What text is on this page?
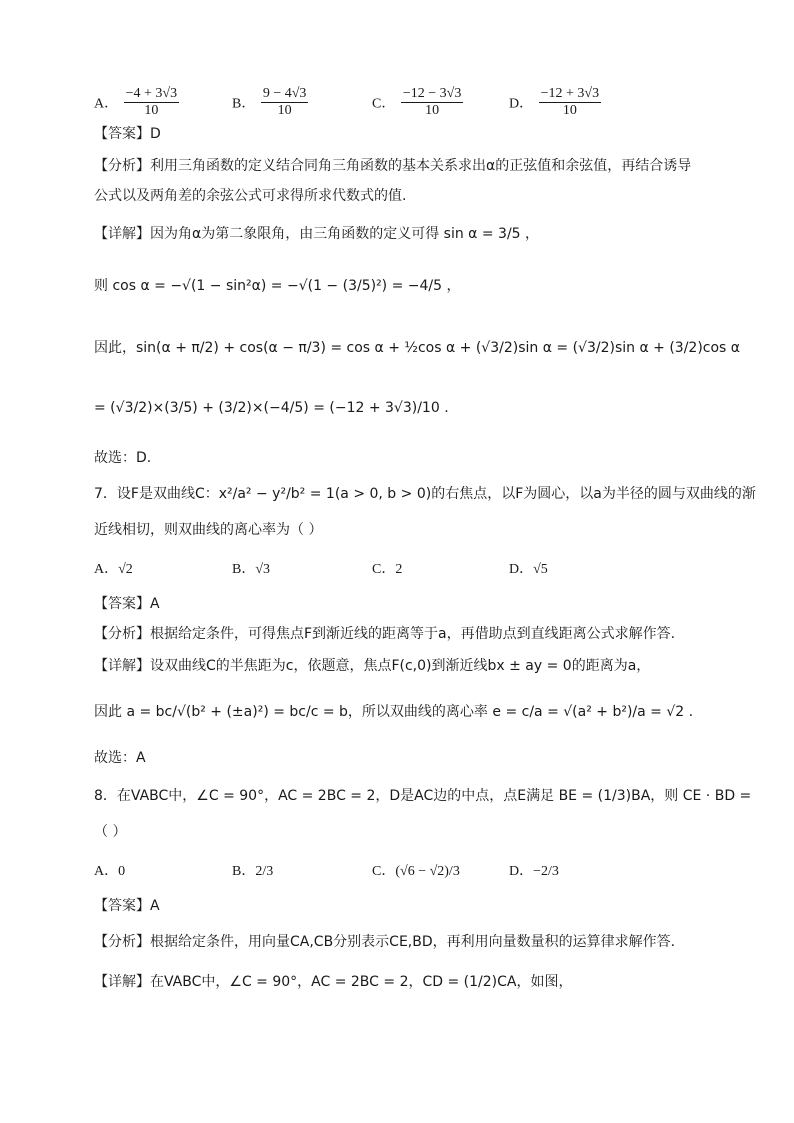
A． $\frac{-4 + 3√3}{10}$	B． $\frac{9 - 4√3}{10}$	C． $\frac{-12 - 3√3}{10}$	D． $\frac{-12 + 3√3}{10}$
【答案】D
【分析】利用三角函数的定义结合同角三角函数的基本关系求出α的正弦值和余弦值，再结合诱导
公式以及两角差的余弦公式可求得所求代数式的值.
【详解】因为角α为第二象限角，由三角函数的定义可得 sin α = 3/5 ，
则 cos α = −√(1 − sin²α) = −√(1 − (3/5)²) = −4/5 ，
因此，sin(α + π/2) + cos(α − π/3) = cos α + ½cos α + (√3/2)sin α = (√3/2)sin α + (3/2)cos α
= (√3/2)×(3/5) + (3/2)×(−4/5) = (−12 + 3√3)/10 .
故选：D.
7．设F是双曲线C：x²/a² − y²/b² = 1(a > 0, b > 0)的右焦点，以F为圆心，以a为半径的圆与双曲线的渐
近线相切，则双曲线的离心率为（ ）
A．√2	B．√3	C．2	D．√5
【答案】A
【分析】根据给定条件，可得焦点F到渐近线的距离等于a，再借助点到直线距离公式求解作答.
【详解】设双曲线C的半焦距为c，依题意，焦点F(c,0)到渐近线bx ± ay = 0的距离为a，
因此 a = bc/√(b² + (±a)²) = bc/c = b，所以双曲线的离心率 e = c/a = √(a² + b²)/a = √2 .
故选：A
8．在VABC中，∠C = 90°，AC = 2BC = 2，D是AC边的中点，点E满足 BE = (1/3)BA，则 CE · BD =
（ ）
A．0	B．2/3	C．(√6 − √2)/3	D．−2/3
【答案】A
【分析】根据给定条件，用向量CA,CB分别表示CE,BD，再利用向量数量积的运算律求解作答.
【详解】在VABC中，∠C = 90°，AC = 2BC = 2，CD = (1/2)CA，如图，
